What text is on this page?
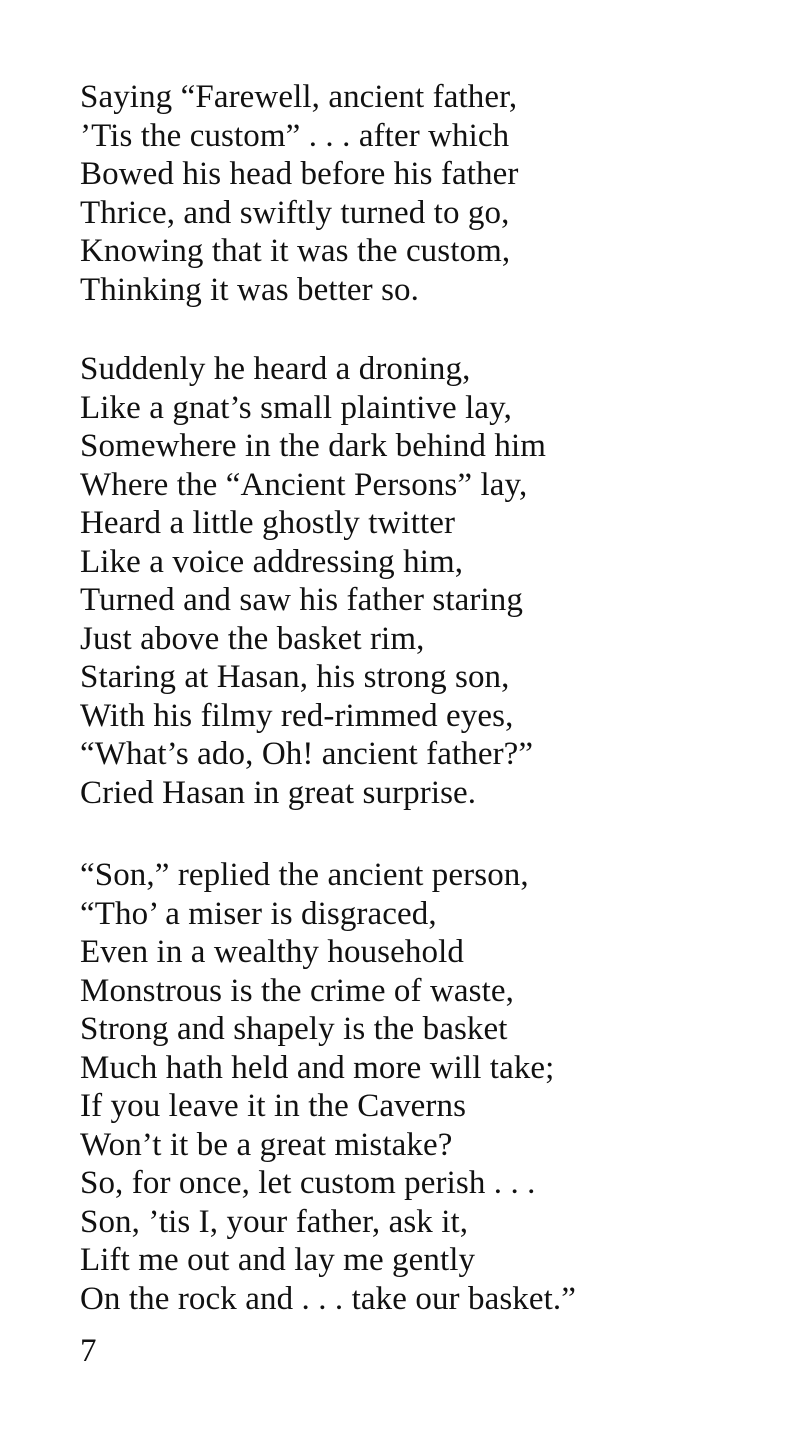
Saying “Farewell, ancient father,
’Tis the custom” . . . after which
Bowed his head before his father
Thrice, and swiftly turned to go,
Knowing that it was the custom,
Thinking it was better so.
Suddenly he heard a droning,
Like a gnat’s small plaintive lay,
Somewhere in the dark behind him
Where the “Ancient Persons” lay,
Heard a little ghostly twitter
Like a voice addressing him,
Turned and saw his father staring
Just above the basket rim,
Staring at Hasan, his strong son,
With his filmy red-rimmed eyes,
“What’s ado, Oh! ancient father?”
Cried Hasan in great surprise.
“Son,” replied the ancient person,
“Tho’ a miser is disgraced,
Even in a wealthy household
Monstrous is the crime of waste,
Strong and shapely is the basket
Much hath held and more will take;
If you leave it in the Caverns
Won’t it be a great mistake?
So, for once, let custom perish . . .
Son, ’tis I, your father, ask it,
Lift me out and lay me gently
On the rock and . . . take our basket.”
7
